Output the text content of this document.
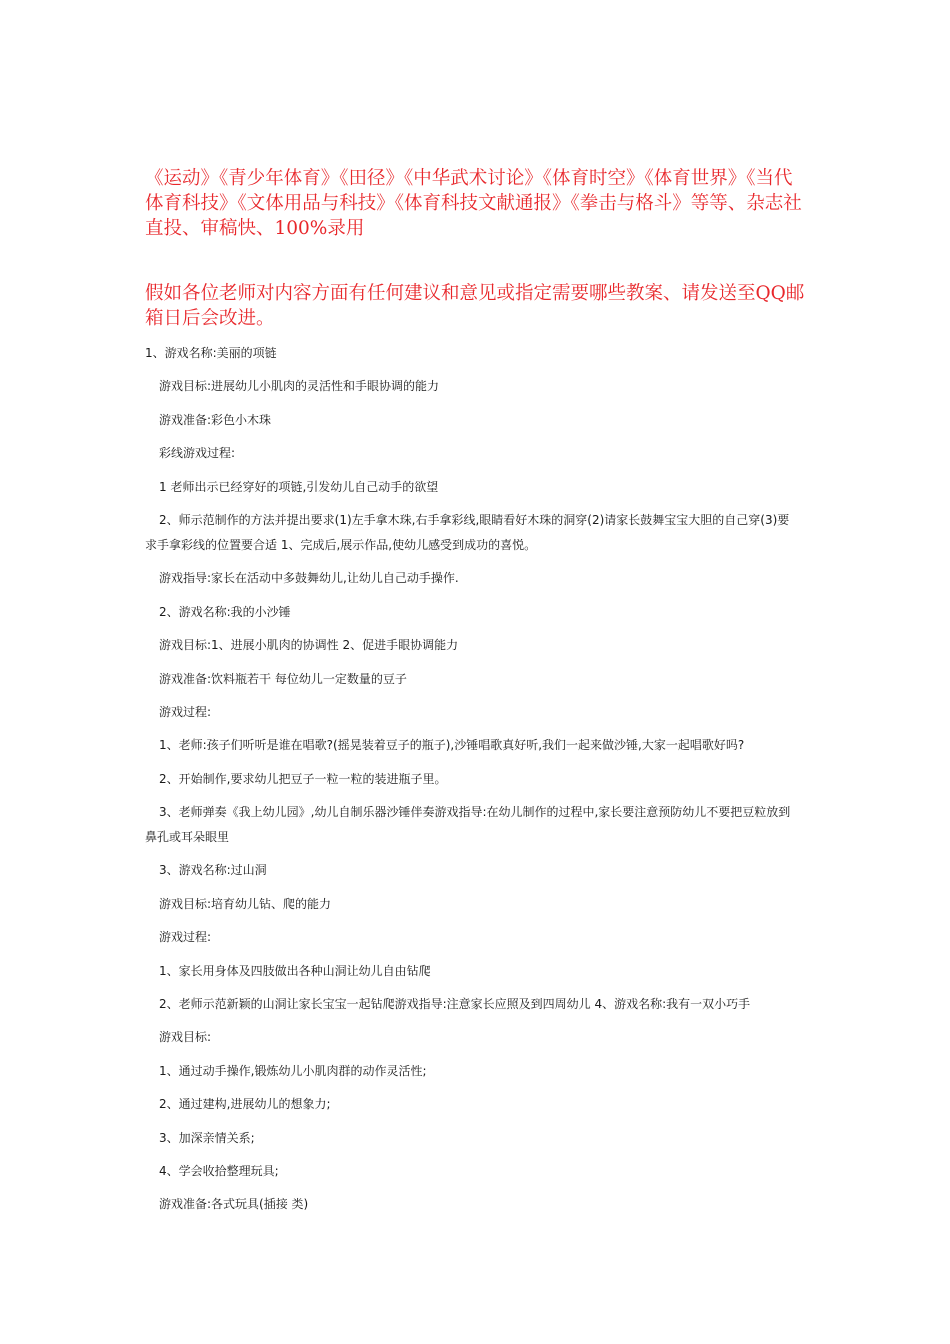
《运动》《青少年体育》《田径》《中华武术讨论》《体育时空》《体育世界》《当代体育科技》《文体用品与科技》《体育科技文献通报》《拳击与格斗》等等、杂志社直投、审稿快、100%录用

假如各位老师对内容方面有任何建议和意见或指定需要哪些教案、请发送至QQ邮箱日后会改进。

1、游戏名称:美丽的项链
游戏目标:进展幼儿小肌肉的灵活性和手眼协调的能力
游戏准备:彩色小木珠
彩线游戏过程:
1 老师出示已经穿好的项链,引发幼儿自己动手的欲望
2、师示范制作的方法并提出要求(1)左手拿木珠,右手拿彩线,眼睛看好木珠的洞穿(2)请家长鼓舞宝宝大胆的自己穿(3)要
求手拿彩线的位置要合适 1、完成后,展示作品,使幼儿感受到成功的喜悦。
游戏指导:家长在活动中多鼓舞幼儿,让幼儿自己动手操作.
2、游戏名称:我的小沙锤
游戏目标:1、进展小肌肉的协调性 2、促进手眼协调能力
游戏准备:饮料瓶若干 每位幼儿一定数量的豆子
游戏过程:
1、老师:孩子们听听是谁在唱歌?(摇晃装着豆子的瓶子),沙锤唱歌真好听,我们一起来做沙锤,大家一起唱歌好吗?
2、开始制作,要求幼儿把豆子一粒一粒的装进瓶子里。
3、老师弹奏《我上幼儿园》,幼儿自制乐器沙锤伴奏游戏指导:在幼儿制作的过程中,家长要注意预防幼儿不要把豆粒放到
鼻孔或耳朵眼里
3、游戏名称:过山洞
游戏目标:培育幼儿钻、爬的能力
游戏过程:
1、家长用身体及四肢做出各种山洞让幼儿自由钻爬
2、老师示范新颖的山洞让家长宝宝一起钻爬游戏指导:注意家长应照及到四周幼儿 4、游戏名称:我有一双小巧手
游戏目标:
1、通过动手操作,锻炼幼儿小肌肉群的动作灵活性;
2、通过建构,进展幼儿的想象力;
3、加深亲情关系;
4、学会收拾整理玩具;
游戏准备:各式玩具(插接 类)
